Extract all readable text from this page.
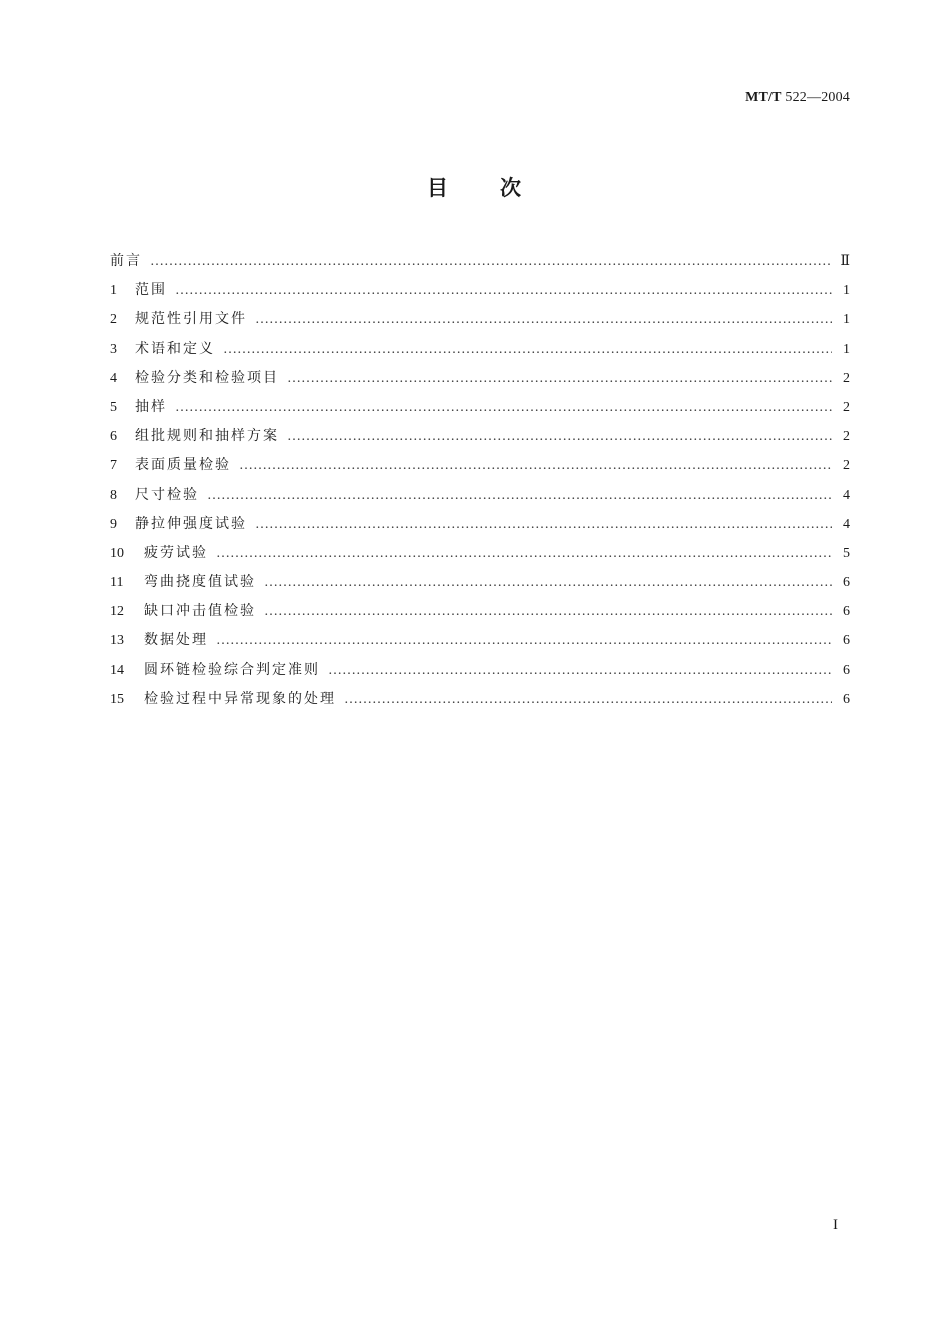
MT/T 522—2004
目 次
前言 ……………………………………………………………………………………………………………………………………………………………………………………	Ⅱ
1	范围 ……………………………………………………………………………………………………………………………………………………………………………………	1
2	规范性引用文件 ……………………………………………………………………………………………………………………………………………………………………………………	1
3	术语和定义 ……………………………………………………………………………………………………………………………………………………………………………………	1
4	检验分类和检验项目 ……………………………………………………………………………………………………………………………………………………………………………………	2
5	抽样 ……………………………………………………………………………………………………………………………………………………………………………………	2
6	组批规则和抽样方案 ……………………………………………………………………………………………………………………………………………………………………………………	2
7	表面质量检验 ……………………………………………………………………………………………………………………………………………………………………………………	2
8	尺寸检验 ……………………………………………………………………………………………………………………………………………………………………………………	4
9	静拉伸强度试验 ……………………………………………………………………………………………………………………………………………………………………………………	4
10	疲劳试验 ……………………………………………………………………………………………………………………………………………………………………………………	5
11	弯曲挠度值试验 ……………………………………………………………………………………………………………………………………………………………………………………	6
12	缺口冲击值检验 ……………………………………………………………………………………………………………………………………………………………………………………	6
13	数据处理 ……………………………………………………………………………………………………………………………………………………………………………………	6
14	圆环链检验综合判定准则 ……………………………………………………………………………………………………………………………………………………………………………………	6
15	检验过程中异常现象的处理 ……………………………………………………………………………………………………………………………………………………………………………………	6
I
